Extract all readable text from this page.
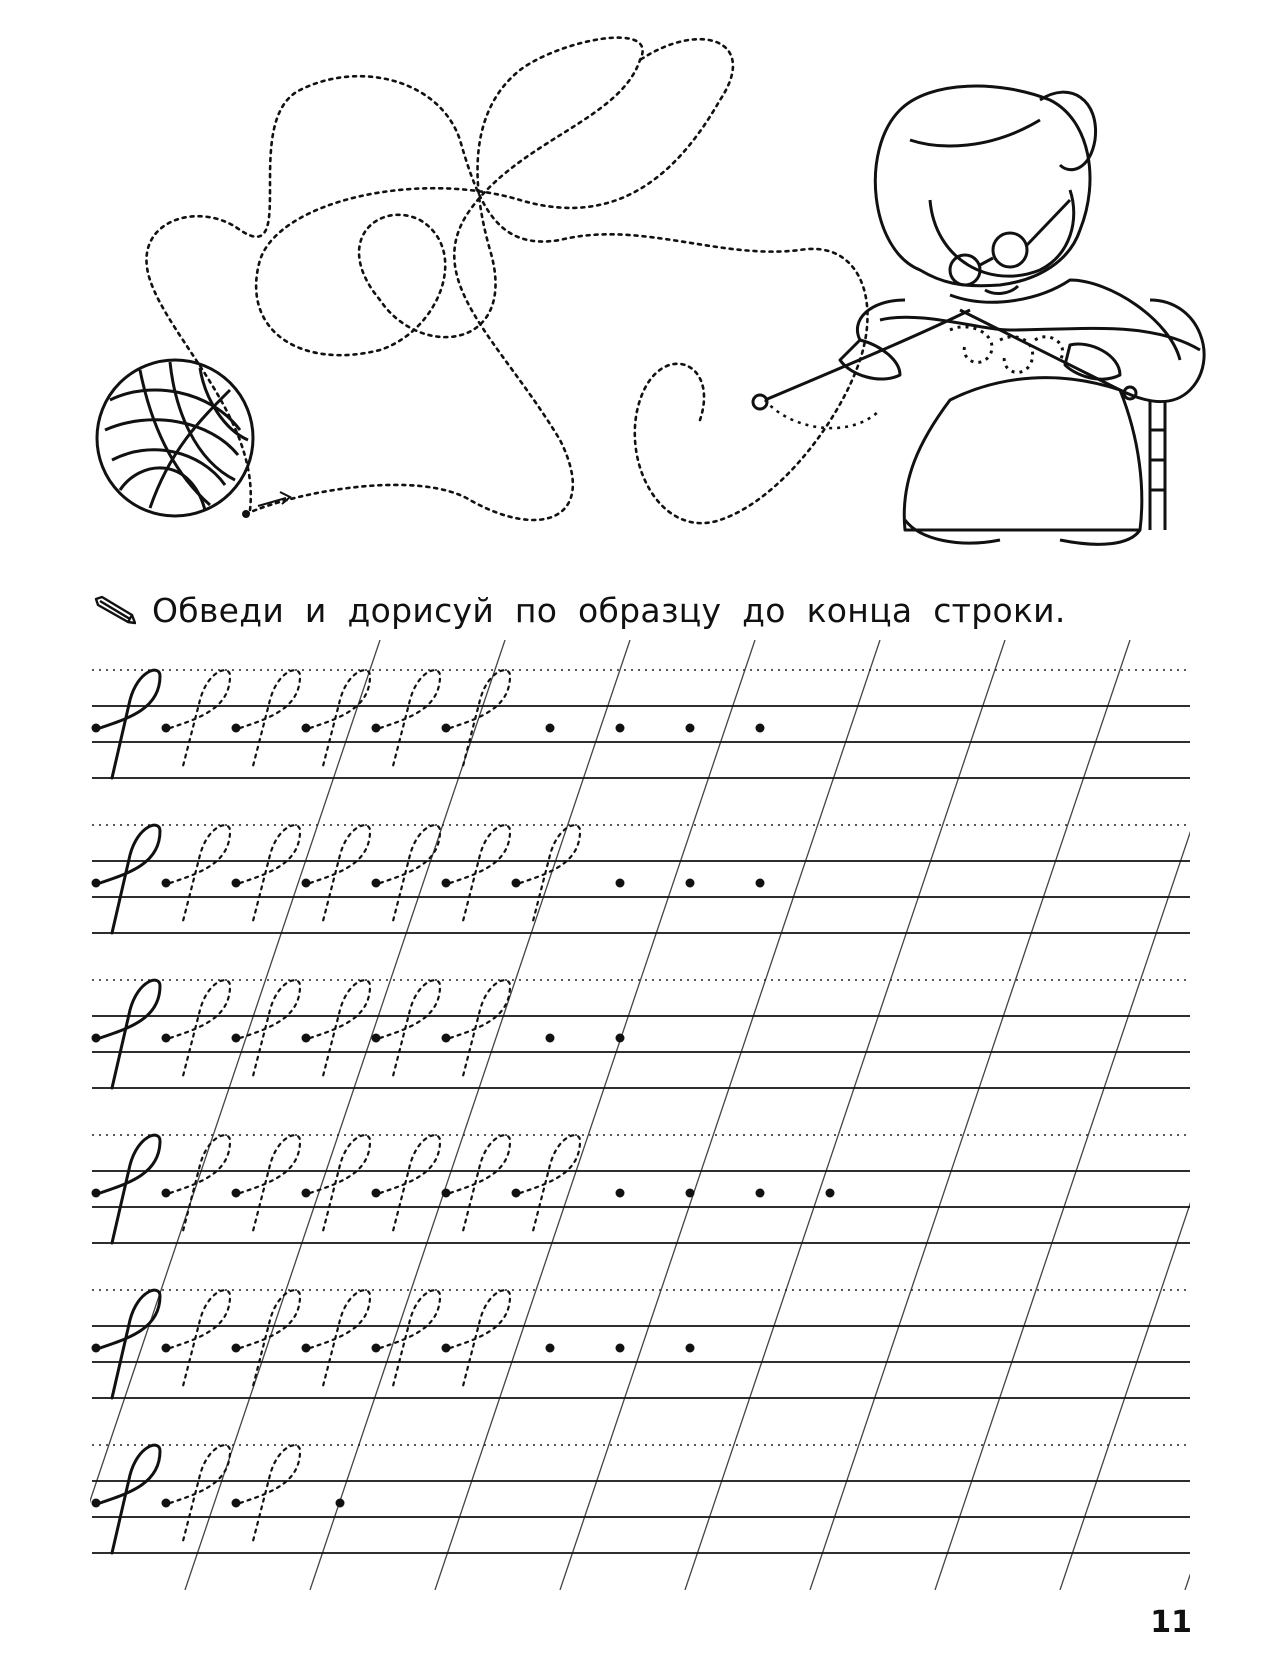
Обведи и дорисуй по образцу до конца строки.
11
